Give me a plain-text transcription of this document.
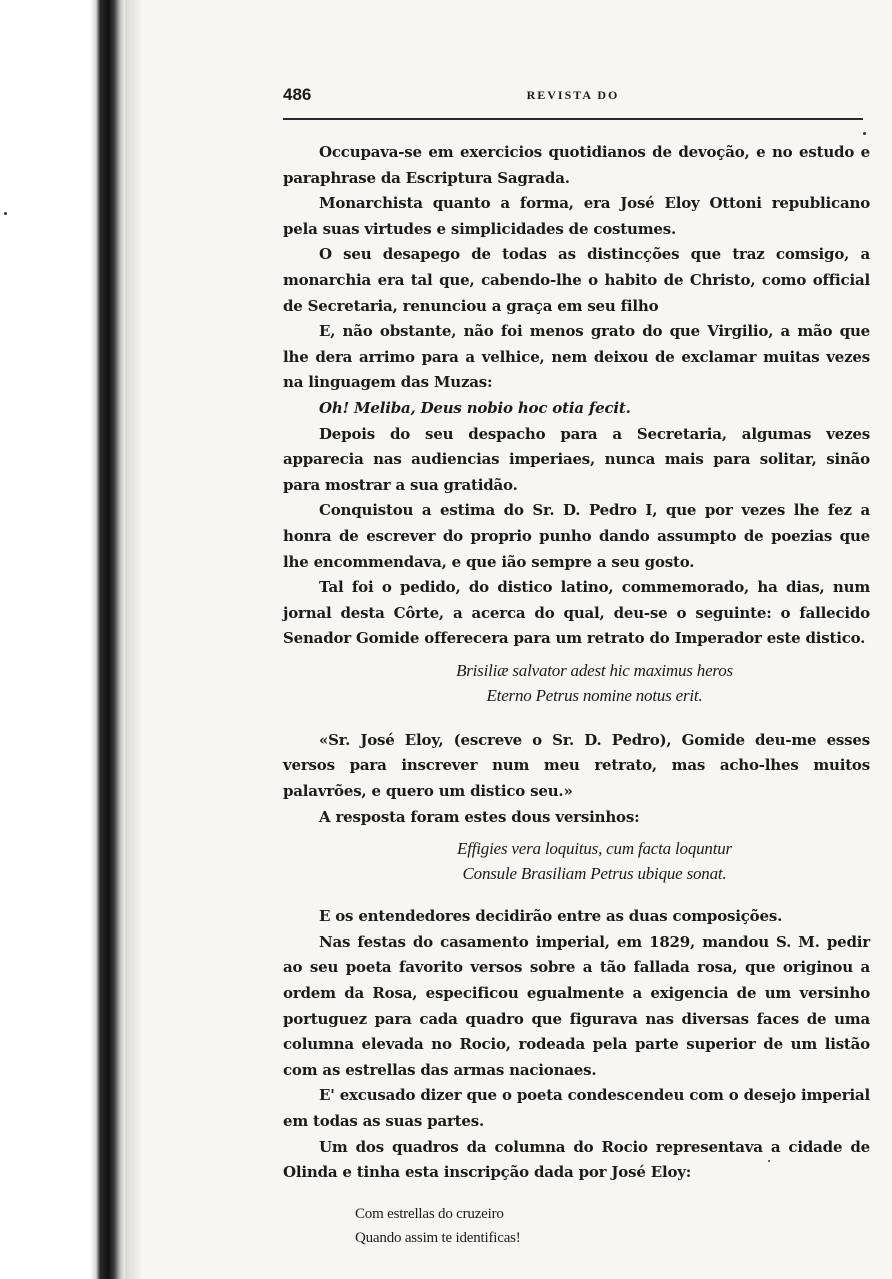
486	REVISTA DO

Occupava-se em exercicios quotidianos de devoção, e no estudo e paraphrase da Escriptura Sagrada.

Monarchista quanto a forma, era José Eloy Ottoni republicano pela suas virtudes e simplicidades de costumes.

O seu desapego de todas as distincções que traz comsigo, a monarchia era tal que, cabendo-lhe o habito de Christo, como official de Secretaria, renunciou a graça em seu filho

E, não obstante, não foi menos grato do que Virgilio, a mão que lhe dera arrimo para a velhice, nem deixou de exclamar muitas vezes na linguagem das Muzas:

Oh! Meliba, Deus nobio hoc otia fecit.

Depois do seu despacho para a Secretaria, algumas vezes apparecia nas audiencias imperiaes, nunca mais para solitar, sinão para mostrar a sua gratidão.

Conquistou a estima do Sr. D. Pedro I, que por vezes lhe fez a honra de escrever do proprio punho dando assumpto de poezias que lhe encommendava, e que ião sempre a seu gosto.

Tal foi o pedido, do distico latino, commemorado, ha dias, num jornal desta Côrte, a acerca do qual, deu-se o seguinte: o fallecido Senador Gomide offerecera para um retrato do Imperador este distico.

Brisiliæ salvator adest hic maximus heros

Eterno Petrus nomine notus erit.

«Sr. José Eloy, (escreve o Sr. D. Pedro), Gomide deu-me esses versos para inscrever num meu retrato, mas acho-lhes muitos palavrões, e quero um distico seu.»

A resposta foram estes dous versinhos:

Effigies vera loquitus, cum facta loquntur

Consule Brasiliam Petrus ubique sonat.

E os entendedores decidirão entre as duas composições.

Nas festas do casamento imperial, em 1829, mandou S. M. pedir ao seu poeta favorito versos sobre a tão fallada rosa, que originou a ordem da Rosa, especificou egualmente a exigencia de um versinho portuguez para cada quadro que figurava nas diversas faces de uma columna elevada no Rocio, rodeada pela parte superior de um listão com as estrellas das armas nacionaes.

E' excusado dizer que o poeta condescendeu com o desejo imperial em todas as suas partes.

Um dos quadros da columna do Rocio representava a cidade de Olinda e tinha esta inscripção dada por José Eloy:

Com estrellas do cruzeiro
Quando assim te identificas!
